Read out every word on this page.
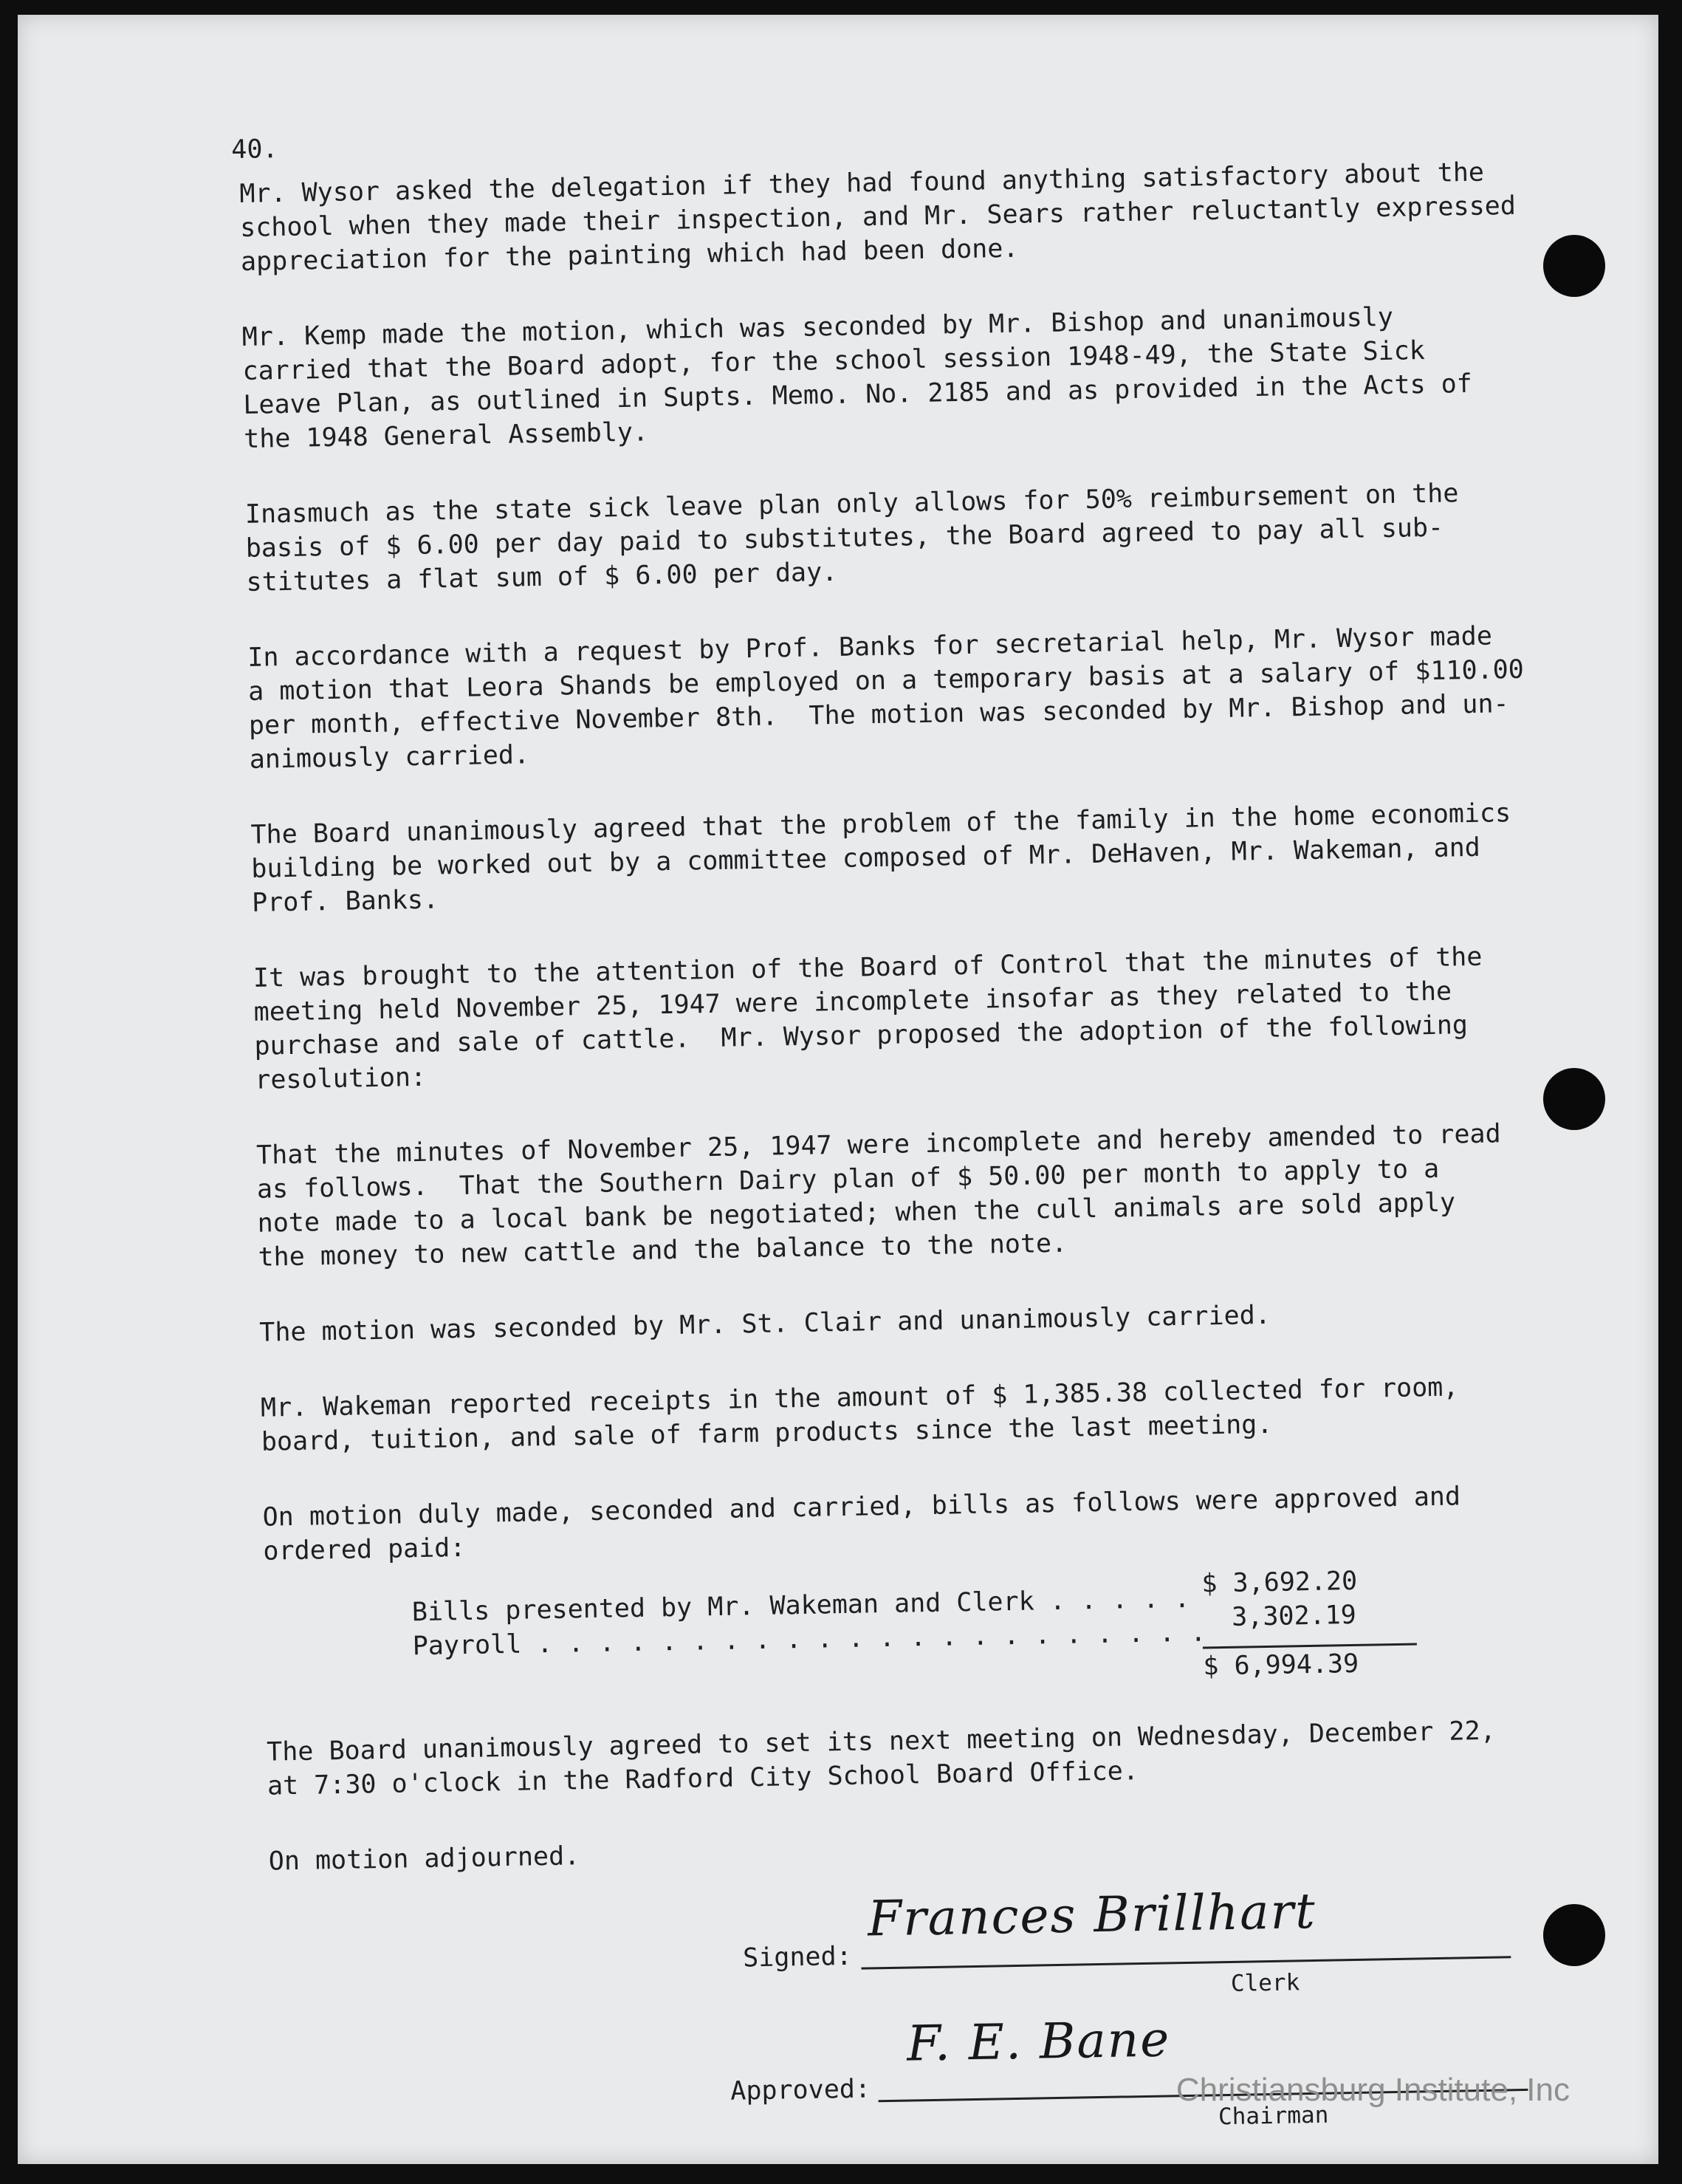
40.

Mr. Wysor asked the delegation if they had found anything satisfactory about the
school when they made their inspection, and Mr. Sears rather reluctantly expressed
appreciation for the painting which had been done.

Mr. Kemp made the motion, which was seconded by Mr. Bishop and unanimously
carried that the Board adopt, for the school session 1948-49, the State Sick
Leave Plan, as outlined in Supts. Memo. No. 2185 and as provided in the Acts of
the 1948 General Assembly.

Inasmuch as the state sick leave plan only allows for 50% reimbursement on the
basis of $ 6.00 per day paid to substitutes, the Board agreed to pay all sub-
stitutes a flat sum of $ 6.00 per day.

In accordance with a request by Prof. Banks for secretarial help, Mr. Wysor made
a motion that Leora Shands be employed on a temporary basis at a salary of $110.00
per month, effective November 8th.  The motion was seconded by Mr. Bishop and un-
animously carried.

The Board unanimously agreed that the problem of the family in the home economics
building be worked out by a committee composed of Mr. DeHaven, Mr. Wakeman, and
Prof. Banks.

It was brought to the attention of the Board of Control that the minutes of the
meeting held November 25, 1947 were incomplete insofar as they related to the
purchase and sale of cattle.  Mr. Wysor proposed the adoption of the following
resolution:

That the minutes of November 25, 1947 were incomplete and hereby amended to read
as follows.  That the Southern Dairy plan of $ 50.00 per month to apply to a
note made to a local bank be negotiated; when the cull animals are sold apply
the money to new cattle and the balance to the note.

The motion was seconded by Mr. St. Clair and unanimously carried.

Mr. Wakeman reported receipts in the amount of $ 1,385.38 collected for room,
board, tuition, and sale of farm products since the last meeting.

On motion duly made, seconded and carried, bills as follows were approved and
ordered paid:

Bills presented by Mr. Wakeman and Clerk . . . . .
$ 3,692.20
Payroll . . . . . . . . . . . . . . . . . . . . . .
3,302.19
$ 6,994.39

The Board unanimously agreed to set its next meeting on Wednesday, December 22,
at 7:30 o'clock in the Radford City School Board Office.

On motion adjourned.

Signed:
Frances Brillhart
Clerk
Approved:
F. E. Bane
Chairman
Christiansburg Institute, Inc
